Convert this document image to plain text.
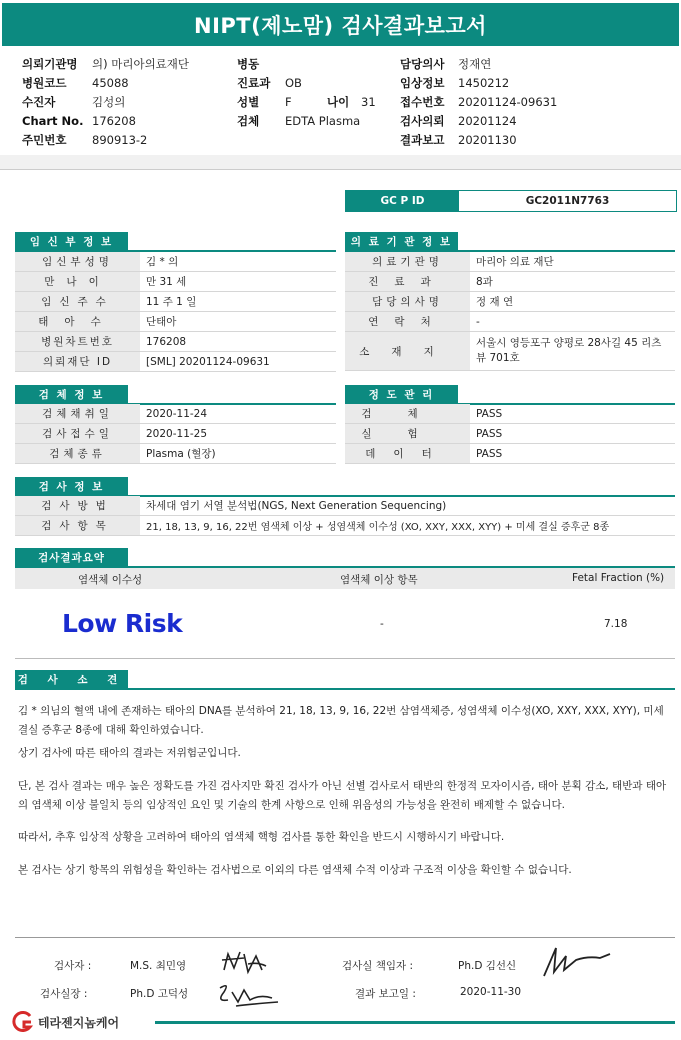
NIPT(제노맘) 검사결과보고서
의뢰기관명 의) 마리아의료재단
병원코드 45088
수진자	김성의
Chart No. 176208
주민번호 890913-2
병동
진료과 OB
성별 F	나이 31
검체 EDTA Plasma
담당의사 정재연
임상정보 1450212
접수번호 20201124-09631
검사의뢰 20201124
결과보고 20201130
GC P ID	GC2011N7763
임 신 부 정 보
임신부성명	김 * 의
만나이	만 31 세
임신주수	11 주 1 일
태아수	단태아
병원차트번호	176208
의뢰재단 ID	[SML] 20201124-09631
의 료 기 관 정 보
의료기관명	마리아 의료 재단
진료과	8과
담당의사명	정 재 연
연락처	-
소재지	서울시 영등포구 양평로 28사길 45 리츠뷰 701호
검 체 정 보
검체채취일	2020-11-24
검사접수일	2020-11-25
검체종류	Plasma (혈장)
정 도 관 리
검체	PASS
실험	PASS
데이터	PASS
검 사 정 보
검사방법	차세대 염기 서열 분석법(NGS, Next Generation Sequencing)
검사항목	21, 18, 13, 9, 16, 22번 염색체 이상 + 성염색체 이수성 (XO, XXY, XXX, XYY) + 미세 결실 증후군 8종
검사결과요약
염색체 이수성	염색체 이상 항목	Fetal Fraction (%)
Low Risk	-	7.18
검 사 소 견
김 * 의님의 혈액 내에 존재하는 태아의 DNA를 분석하여 21, 18, 13, 9, 16, 22번 삼염색체증, 성염색체 이수성(XO, XXY, XXX, XYY), 미세 결실 증후군 8종에 대해 확인하였습니다.
상기 검사에 따른 태아의 결과는 저위험군입니다.
단, 본 검사 결과는 매우 높은 정확도를 가진 검사지만 확진 검사가 아닌 선별 검사로서 태반의 한정적 모자이시즘, 태아 분획 감소, 태반과 태아의 염색체 이상 불일치 등의 임상적인 요인 및 기술의 한계 사항으로 인해 위음성의 가능성을 완전히 배제할 수 없습니다.
따라서, 추후 임상적 상황을 고려하여 태아의 염색체 핵형 검사를 통한 확인을 반드시 시행하시기 바랍니다.
본 검사는 상기 항목의 위험성을 확인하는 검사법으로 이외의 다른 염색체 수적 이상과 구조적 이상을 확인할 수 없습니다.
검사자 :	M.S. 최민영
검사실장 :	Ph.D 고덕성
검사실 책임자 :	Ph.D 김선신
결과 보고일 :	2020-11-30
테라젠지놈케어
